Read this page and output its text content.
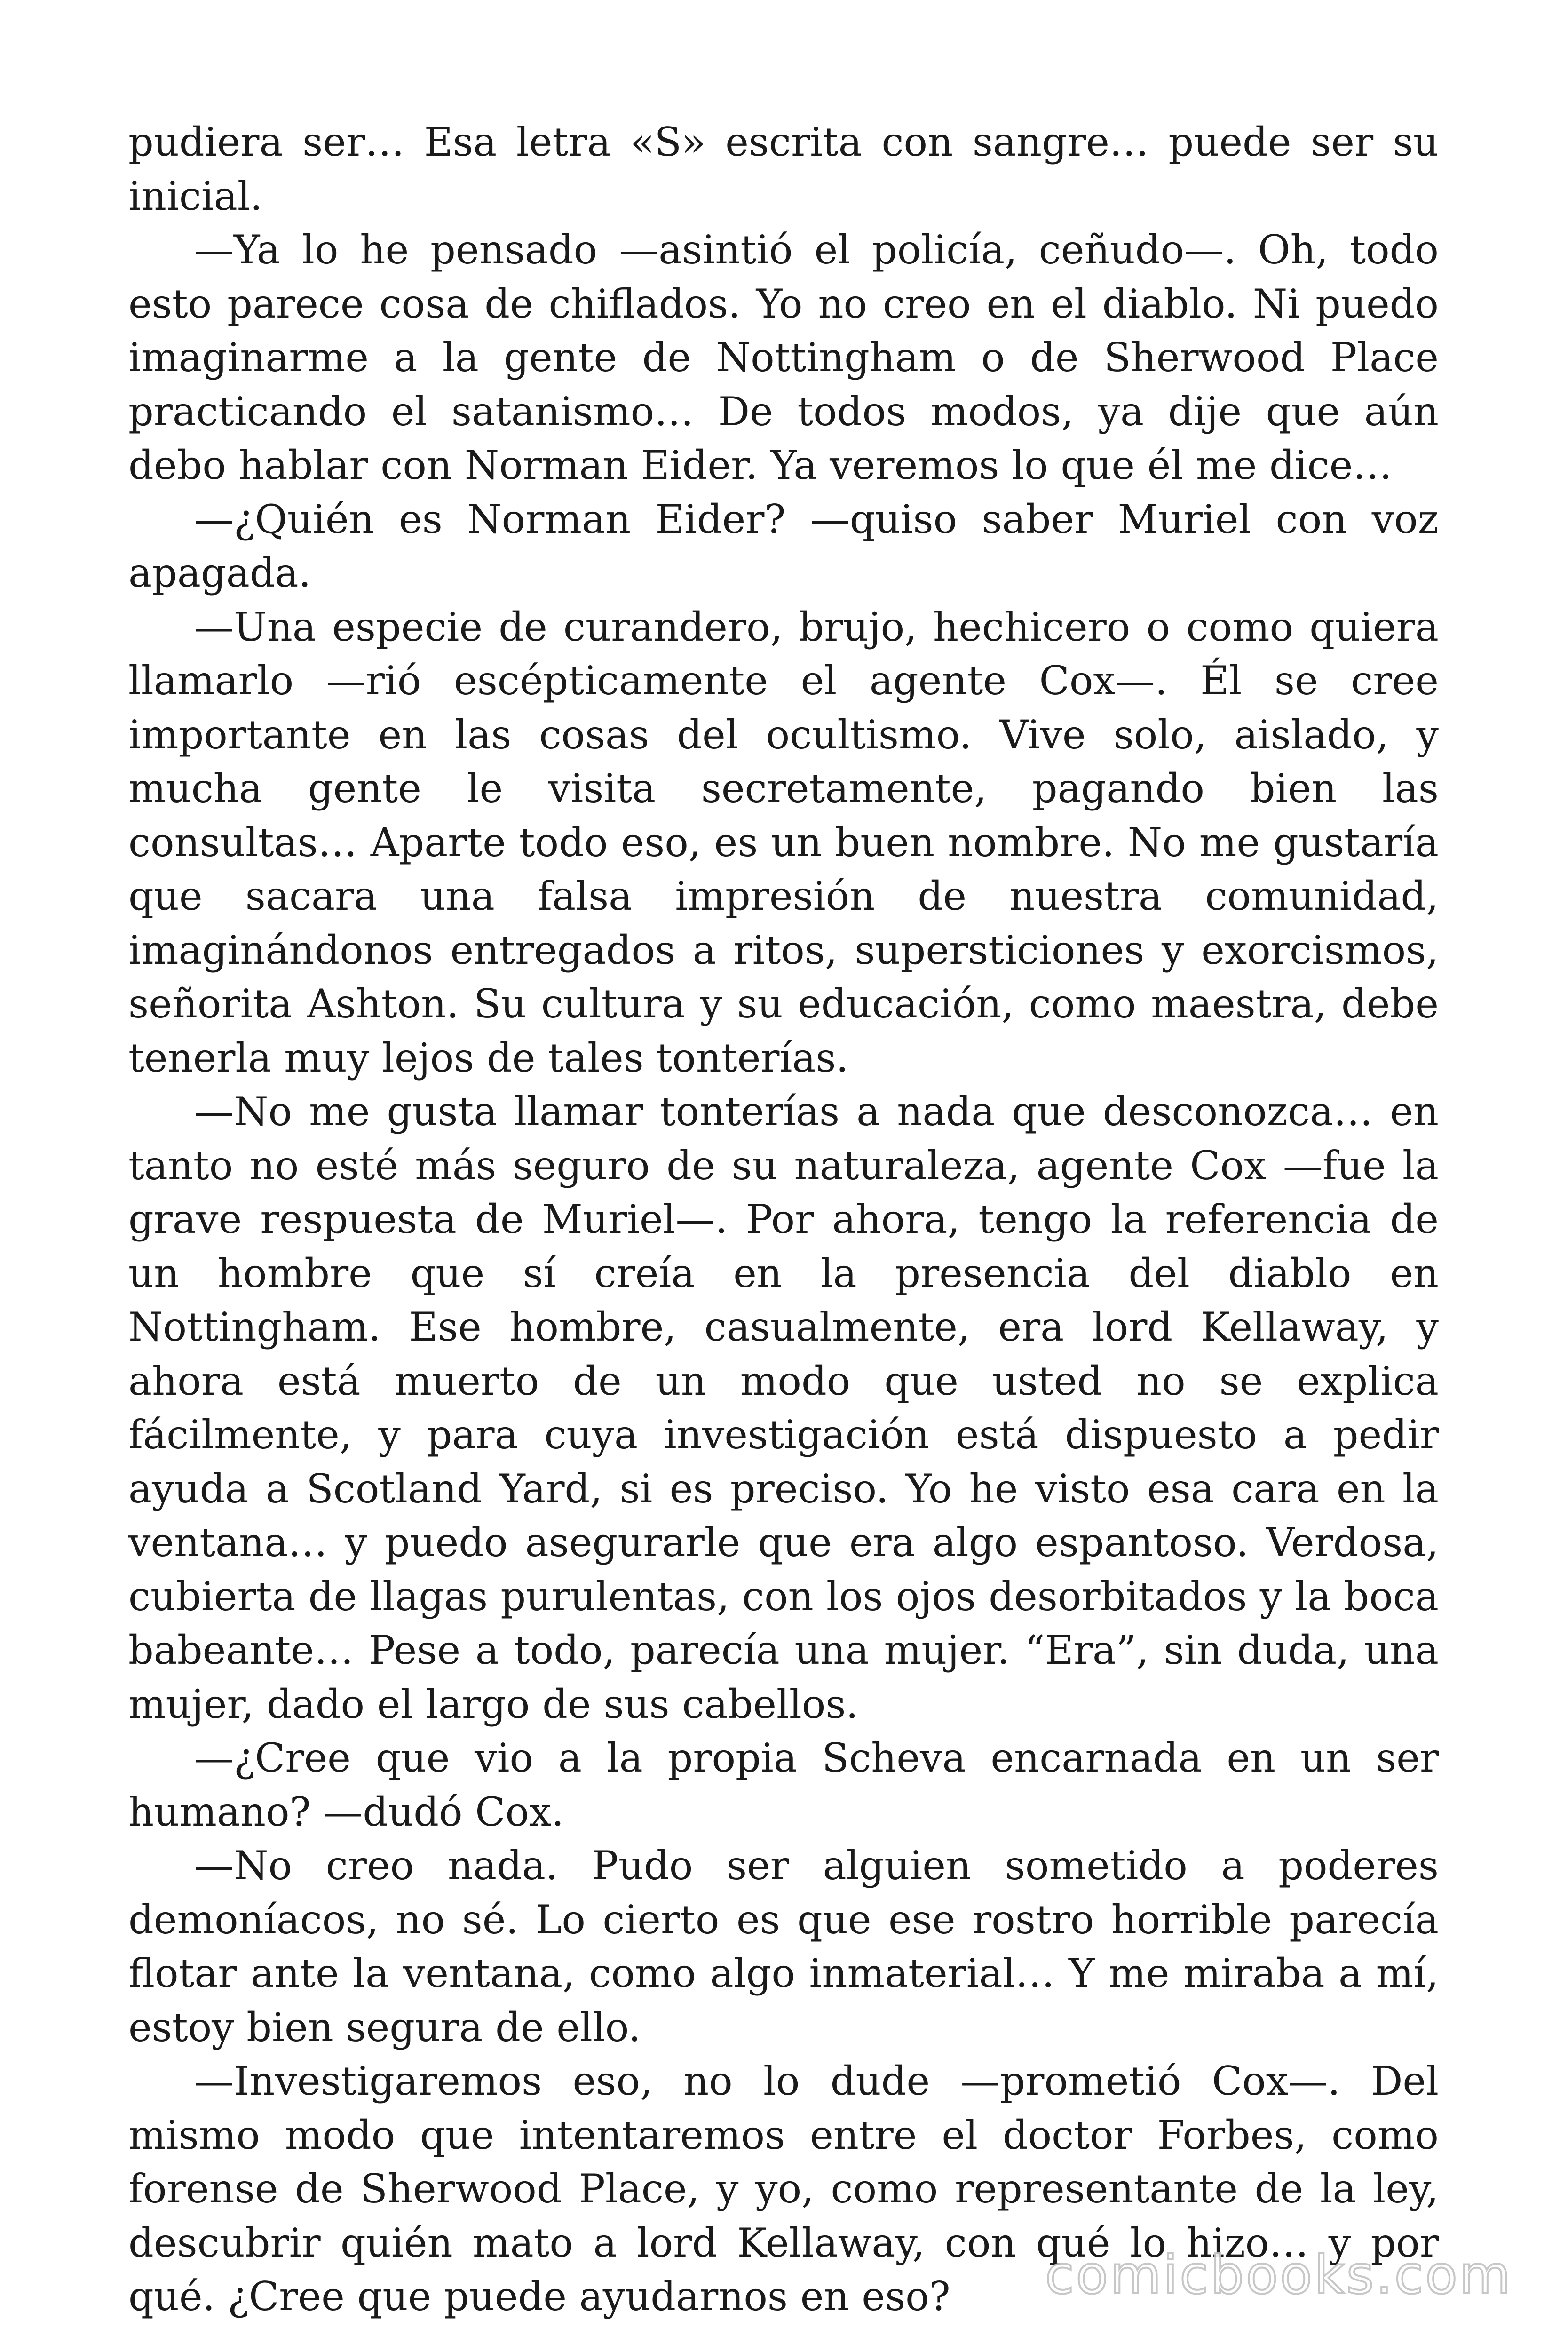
pudiera ser… Esa letra «S» escrita con sangre… puede ser su inicial.

—Ya lo he pensado —asintió el policía, ceñudo—. Oh, todo esto parece cosa de chiflados. Yo no creo en el diablo. Ni puedo imaginarme a la gente de Nottingham o de Sherwood Place practicando el satanismo… De todos modos, ya dije que aún debo hablar con Norman Eider. Ya veremos lo que él me dice…

—¿Quién es Norman Eider? —quiso saber Muriel con voz apagada.

—Una especie de curandero, brujo, hechicero o como quiera llamarlo —rió escépticamente el agente Cox—. Él se cree importante en las cosas del ocultismo. Vive solo, aislado, y mucha gente le visita secretamente, pagando bien las consultas… Aparte todo eso, es un buen nombre. No me gustaría que sacara una falsa impresión de nuestra comunidad, imaginándonos entregados a ritos, supersticiones y exorcismos, señorita Ashton. Su cultura y su educación, como maestra, debe tenerla muy lejos de tales tonterías.

—No me gusta llamar tonterías a nada que desconozca… en tanto no esté más seguro de su naturaleza, agente Cox —fue la grave respuesta de Muriel—. Por ahora, tengo la referencia de un hombre que sí creía en la presencia del diablo en Nottingham. Ese hombre, casualmente, era lord Kellaway, y ahora está muerto de un modo que usted no se explica fácilmente, y para cuya investigación está dispuesto a pedir ayuda a Scotland Yard, si es preciso. Yo he visto esa cara en la ventana… y puedo asegurarle que era algo espantoso. Verdosa, cubierta de llagas purulentas, con los ojos desorbitados y la boca babeante… Pese a todo, parecía una mujer. “Era”, sin duda, una mujer, dado el largo de sus cabellos.

—¿Cree que vio a la propia Scheva encarnada en un ser humano? —dudó Cox.

—No creo nada. Pudo ser alguien sometido a poderes demoníacos, no sé. Lo cierto es que ese rostro horrible parecía flotar ante la ventana, como algo inmaterial… Y me miraba a mí, estoy bien segura de ello.

—Investigaremos eso, no lo dude —prometió Cox—. Del mismo modo que intentaremos entre el doctor Forbes, como forense de Sherwood Place, y yo, como representante de la ley, descubrir quién mato a lord Kellaway, con qué lo hizo… y por qué. ¿Cree que puede ayudarnos en eso?	comicbooks.com
